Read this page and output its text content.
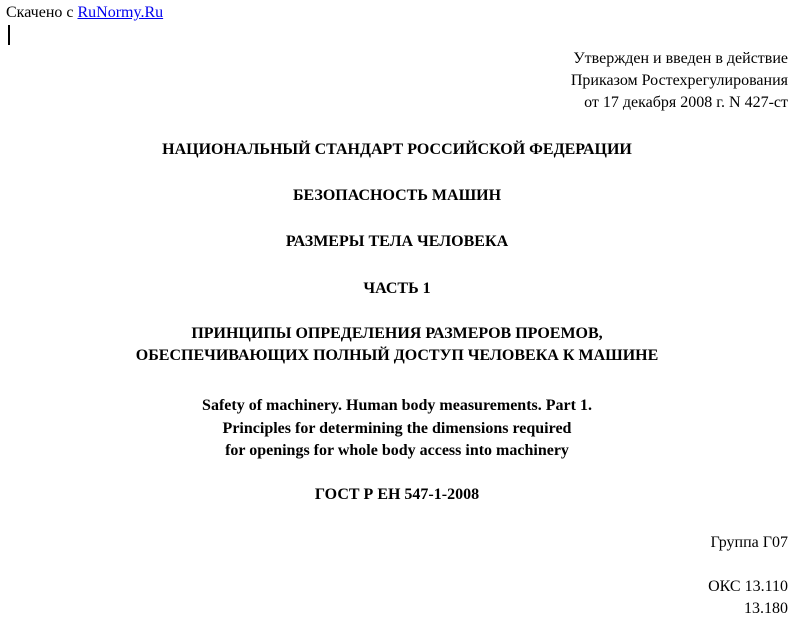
Скачено с RuNormy.Ru
Утвержден и введен в действие
Приказом Ростехрегулирования
от 17 декабря 2008 г. N 427-ст
НАЦИОНАЛЬНЫЙ СТАНДАРТ РОССИЙСКОЙ ФЕДЕРАЦИИ
БЕЗОПАСНОСТЬ МАШИН
РАЗМЕРЫ ТЕЛА ЧЕЛОВЕКА
ЧАСТЬ 1
ПРИНЦИПЫ ОПРЕДЕЛЕНИЯ РАЗМЕРОВ ПРОЕМОВ,
ОБЕСПЕЧИВАЮЩИХ ПОЛНЫЙ ДОСТУП ЧЕЛОВЕКА К МАШИНЕ
Safety of machinery. Human body measurements. Part 1.
Principles for determining the dimensions required
for openings for whole body access into machinery
ГОСТ Р ЕН 547-1-2008
Группа Г07
ОКС 13.110
13.180
